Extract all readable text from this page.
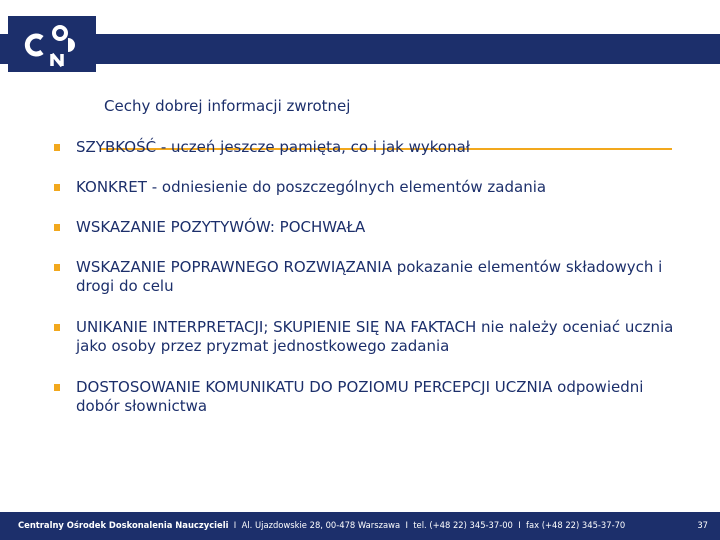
Cechy dobrej informacji zwrotnej
SZYBKOŚĆ - uczeń jeszcze pamięta, co i jak wykonał
KONKRET - odniesienie do poszczególnych elementów zadania
WSKAZANIE POZYTYWÓW: POCHWAŁA
WSKAZANIE POPRAWNEGO ROZWIĄZANIA pokazanie elementów składowych i drogi do celu
UNIKANIE INTERPRETACJI; SKUPIENIE SIĘ NA FAKTACH nie należy oceniać ucznia jako osoby przez pryzmat jednostkowego zadania
DOSTOSOWANIE KOMUNIKATU DO POZIOMU PERCEPCJI UCZNIA odpowiedni dobór słownictwa
Centralny Ośrodek Doskonalenia Nauczycieli I Al. Ujazdowskie 28, 00-478 Warszawa I tel. (+48 22) 345-37-00 I fax (+48 22) 345-37-70	37
